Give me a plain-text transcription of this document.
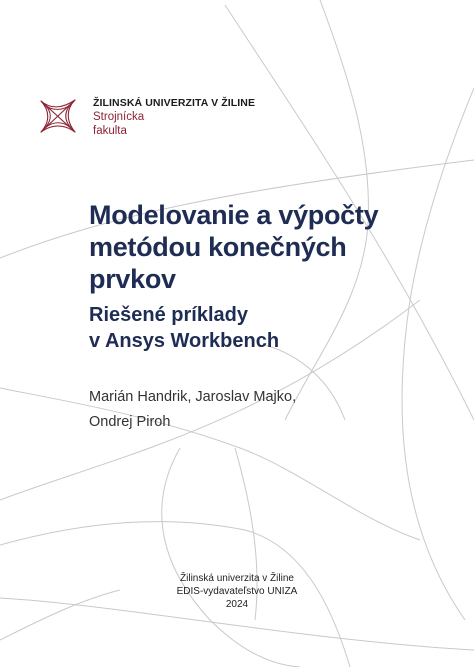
ŽILINSKÁ UNIVERZITA V ŽILINE
Strojnícka
fakulta
Modelovanie a výpočty
metódou konečných
prvkov
Riešené príklady
v Ansys Workbench
Marián Handrik, Jaroslav Majko,
Ondrej Piroh
Žilinská univerzita v Žiline
EDIS-vydavateľstvo UNIZA
2024
